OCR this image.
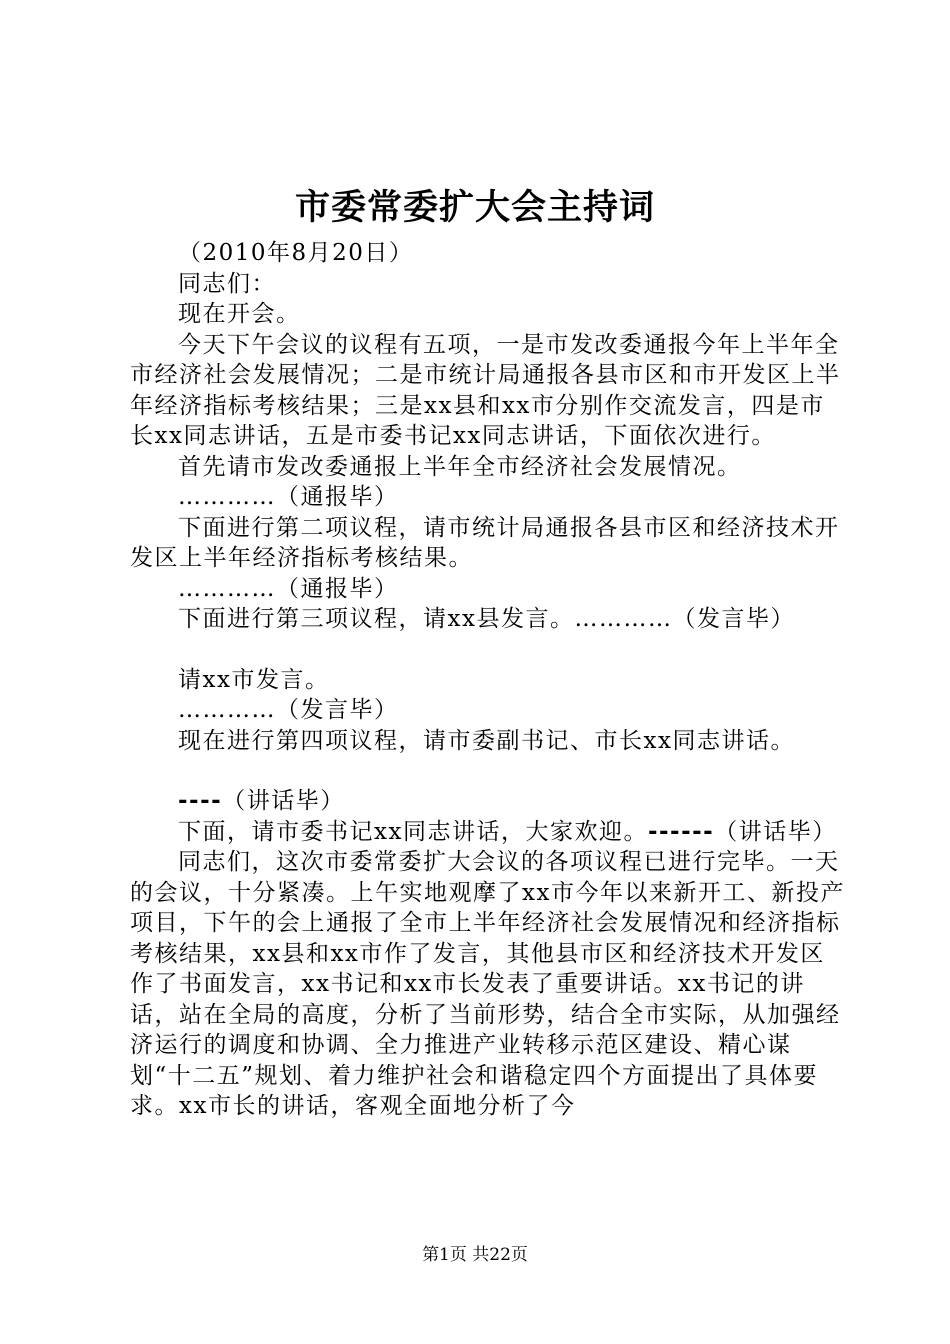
市委常委扩大会主持词

（2010年8月20日）

同志们：

现在开会。

今天下午会议的议程有五项，一是市发改委通报今年上半年全市经济社会发展情况；二是市统计局通报各县市区和市开发区上半年经济指标考核结果；三是xx县和xx市分别作交流发言，四是市长xx同志讲话，五是市委书记xx同志讲话，下面依次进行。

首先请市发改委通报上半年全市经济社会发展情况。

…………（通报毕）

下面进行第二项议程，请市统计局通报各县市区和经济技术开发区上半年经济指标考核结果。

…………（通报毕）

下面进行第三项议程，请xx县发言。…………（发言毕）

请xx市发言。

…………（发言毕）

现在进行第四项议程，请市委副书记、市长xx同志讲话。

----（讲话毕）

下面，请市委书记xx同志讲话，大家欢迎。------（讲话毕）

同志们，这次市委常委扩大会议的各项议程已进行完毕。一天的会议，十分紧凑。上午实地观摩了xx市今年以来新开工、新投产项目，下午的会上通报了全市上半年经济社会发展情况和经济指标考核结果，xx县和xx市作了发言，其他县市区和经济技术开发区作了书面发言，xx书记和xx市长发表了重要讲话。xx书记的讲话，站在全局的高度，分析了当前形势，结合全市实际，从加强经济运行的调度和协调、全力推进产业转移示范区建设、精心谋划“十二五”规划、着力维护社会和谐稳定四个方面提出了具体要求。xx市长的讲话，客观全面地分析了今

第1页 共22页
